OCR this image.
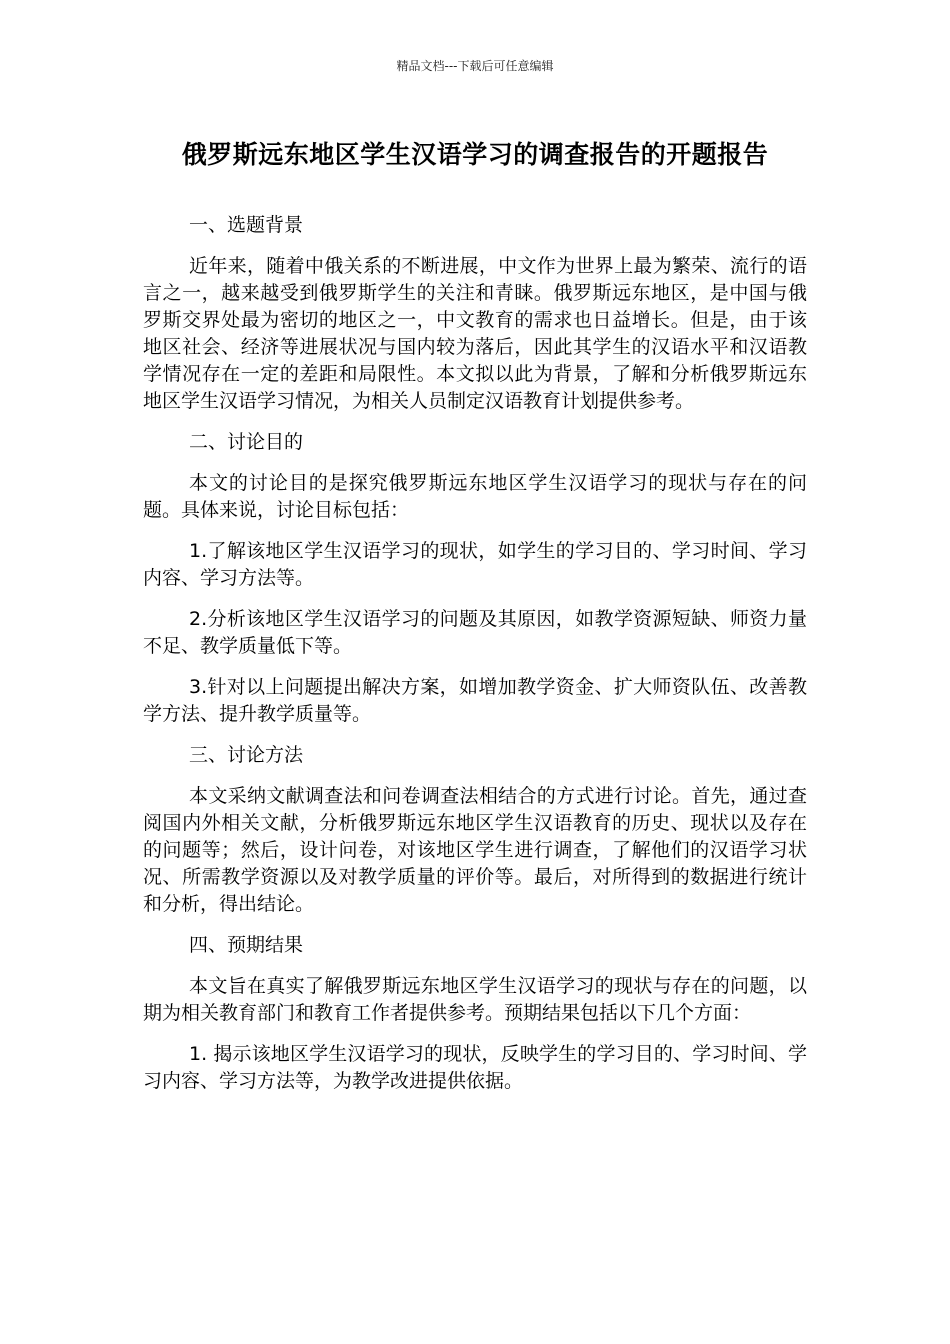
精品文档---下载后可任意编辑
俄罗斯远东地区学生汉语学习的调查报告的开题报告

一、选题背景

近年来，随着中俄关系的不断进展，中文作为世界上最为繁荣、流行的语言之一，越来越受到俄罗斯学生的关注和青睐。俄罗斯远东地区，是中国与俄罗斯交界处最为密切的地区之一，中文教育的需求也日益增长。但是，由于该地区社会、经济等进展状况与国内较为落后，因此其学生的汉语水平和汉语教学情况存在一定的差距和局限性。本文拟以此为背景，了解和分析俄罗斯远东地区学生汉语学习情况，为相关人员制定汉语教育计划提供参考。

二、讨论目的

本文的讨论目的是探究俄罗斯远东地区学生汉语学习的现状与存在的问题。具体来说，讨论目标包括：

1.了解该地区学生汉语学习的现状，如学生的学习目的、学习时间、学习内容、学习方法等。

2.分析该地区学生汉语学习的问题及其原因，如教学资源短缺、师资力量不足、教学质量低下等。

3.针对以上问题提出解决方案，如增加教学资金、扩大师资队伍、改善教学方法、提升教学质量等。

三、讨论方法

本文采纳文献调查法和问卷调查法相结合的方式进行讨论。首先，通过查阅国内外相关文献，分析俄罗斯远东地区学生汉语教育的历史、现状以及存在的问题等；然后，设计问卷，对该地区学生进行调查，了解他们的汉语学习状况、所需教学资源以及对教学质量的评价等。最后，对所得到的数据进行统计和分析，得出结论。

四、预期结果

本文旨在真实了解俄罗斯远东地区学生汉语学习的现状与存在的问题，以期为相关教育部门和教育工作者提供参考。预期结果包括以下几个方面：

1. 揭示该地区学生汉语学习的现状，反映学生的学习目的、学习时间、学习内容、学习方法等，为教学改进提供依据。
